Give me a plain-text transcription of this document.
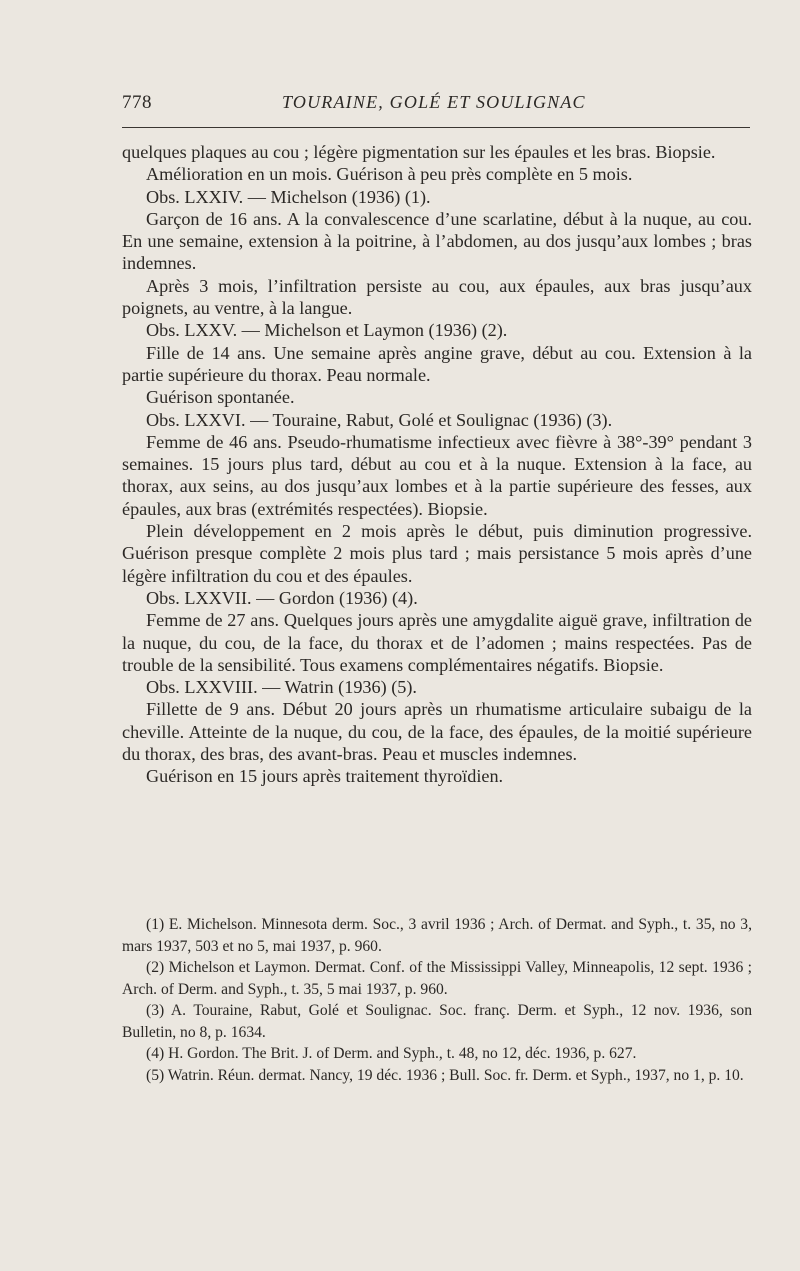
778	TOURAINE, GOLÉ ET SOULIGNAC

quelques plaques au cou ; légère pigmentation sur les épaules et les bras. Biopsie.

Amélioration en un mois. Guérison à peu près complète en 5 mois.

Obs. LXXIV. — Michelson (1936) (1).

Garçon de 16 ans. A la convalescence d’une scarlatine, début à la nuque, au cou. En une semaine, extension à la poitrine, à l’abdomen, au dos jusqu’aux lombes ; bras indemnes.

Après 3 mois, l’infiltration persiste au cou, aux épaules, aux bras jusqu’aux poignets, au ventre, à la langue.

Obs. LXXV. — Michelson et Laymon (1936) (2).

Fille de 14 ans. Une semaine après angine grave, début au cou. Extension à la partie supérieure du thorax. Peau normale.

Guérison spontanée.

Obs. LXXVI. — Touraine, Rabut, Golé et Soulignac (1936) (3).

Femme de 46 ans. Pseudo-rhumatisme infectieux avec fièvre à 38°-39° pendant 3 semaines. 15 jours plus tard, début au cou et à la nuque. Extension à la face, au thorax, aux seins, au dos jusqu’aux lombes et à la partie supérieure des fesses, aux épaules, aux bras (extrémités respectées). Biopsie.

Plein développement en 2 mois après le début, puis diminution progressive. Guérison presque complète 2 mois plus tard ; mais persistance 5 mois après d’une légère infiltration du cou et des épaules.

Obs. LXXVII. — Gordon (1936) (4).

Femme de 27 ans. Quelques jours après une amygdalite aiguë grave, infiltration de la nuque, du cou, de la face, du thorax et de l’adomen ; mains respectées. Pas de trouble de la sensibilité. Tous examens complémentaires négatifs. Biopsie.

Obs. LXXVIII. — Watrin (1936) (5).

Fillette de 9 ans. Début 20 jours après un rhumatisme articulaire subaigu de la cheville. Atteinte de la nuque, du cou, de la face, des épaules, de la moitié supérieure du thorax, des bras, des avant-bras. Peau et muscles indemnes.

Guérison en 15 jours après traitement thyroïdien.

(1) E. Michelson. Minnesota derm. Soc., 3 avril 1936 ; Arch. of Dermat. and Syph., t. 35, no 3, mars 1937, 503 et no 5, mai 1937, p. 960.

(2) Michelson et Laymon. Dermat. Conf. of the Mississippi Valley, Minneapolis, 12 sept. 1936 ; Arch. of Derm. and Syph., t. 35, 5 mai 1937, p. 960.

(3) A. Touraine, Rabut, Golé et Soulignac. Soc. franç. Derm. et Syph., 12 nov. 1936, son Bulletin, no 8, p. 1634.

(4) H. Gordon. The Brit. J. of Derm. and Syph., t. 48, no 12, déc. 1936, p. 627.

(5) Watrin. Réun. dermat. Nancy, 19 déc. 1936 ; Bull. Soc. fr. Derm. et Syph., 1937, no 1, p. 10.
